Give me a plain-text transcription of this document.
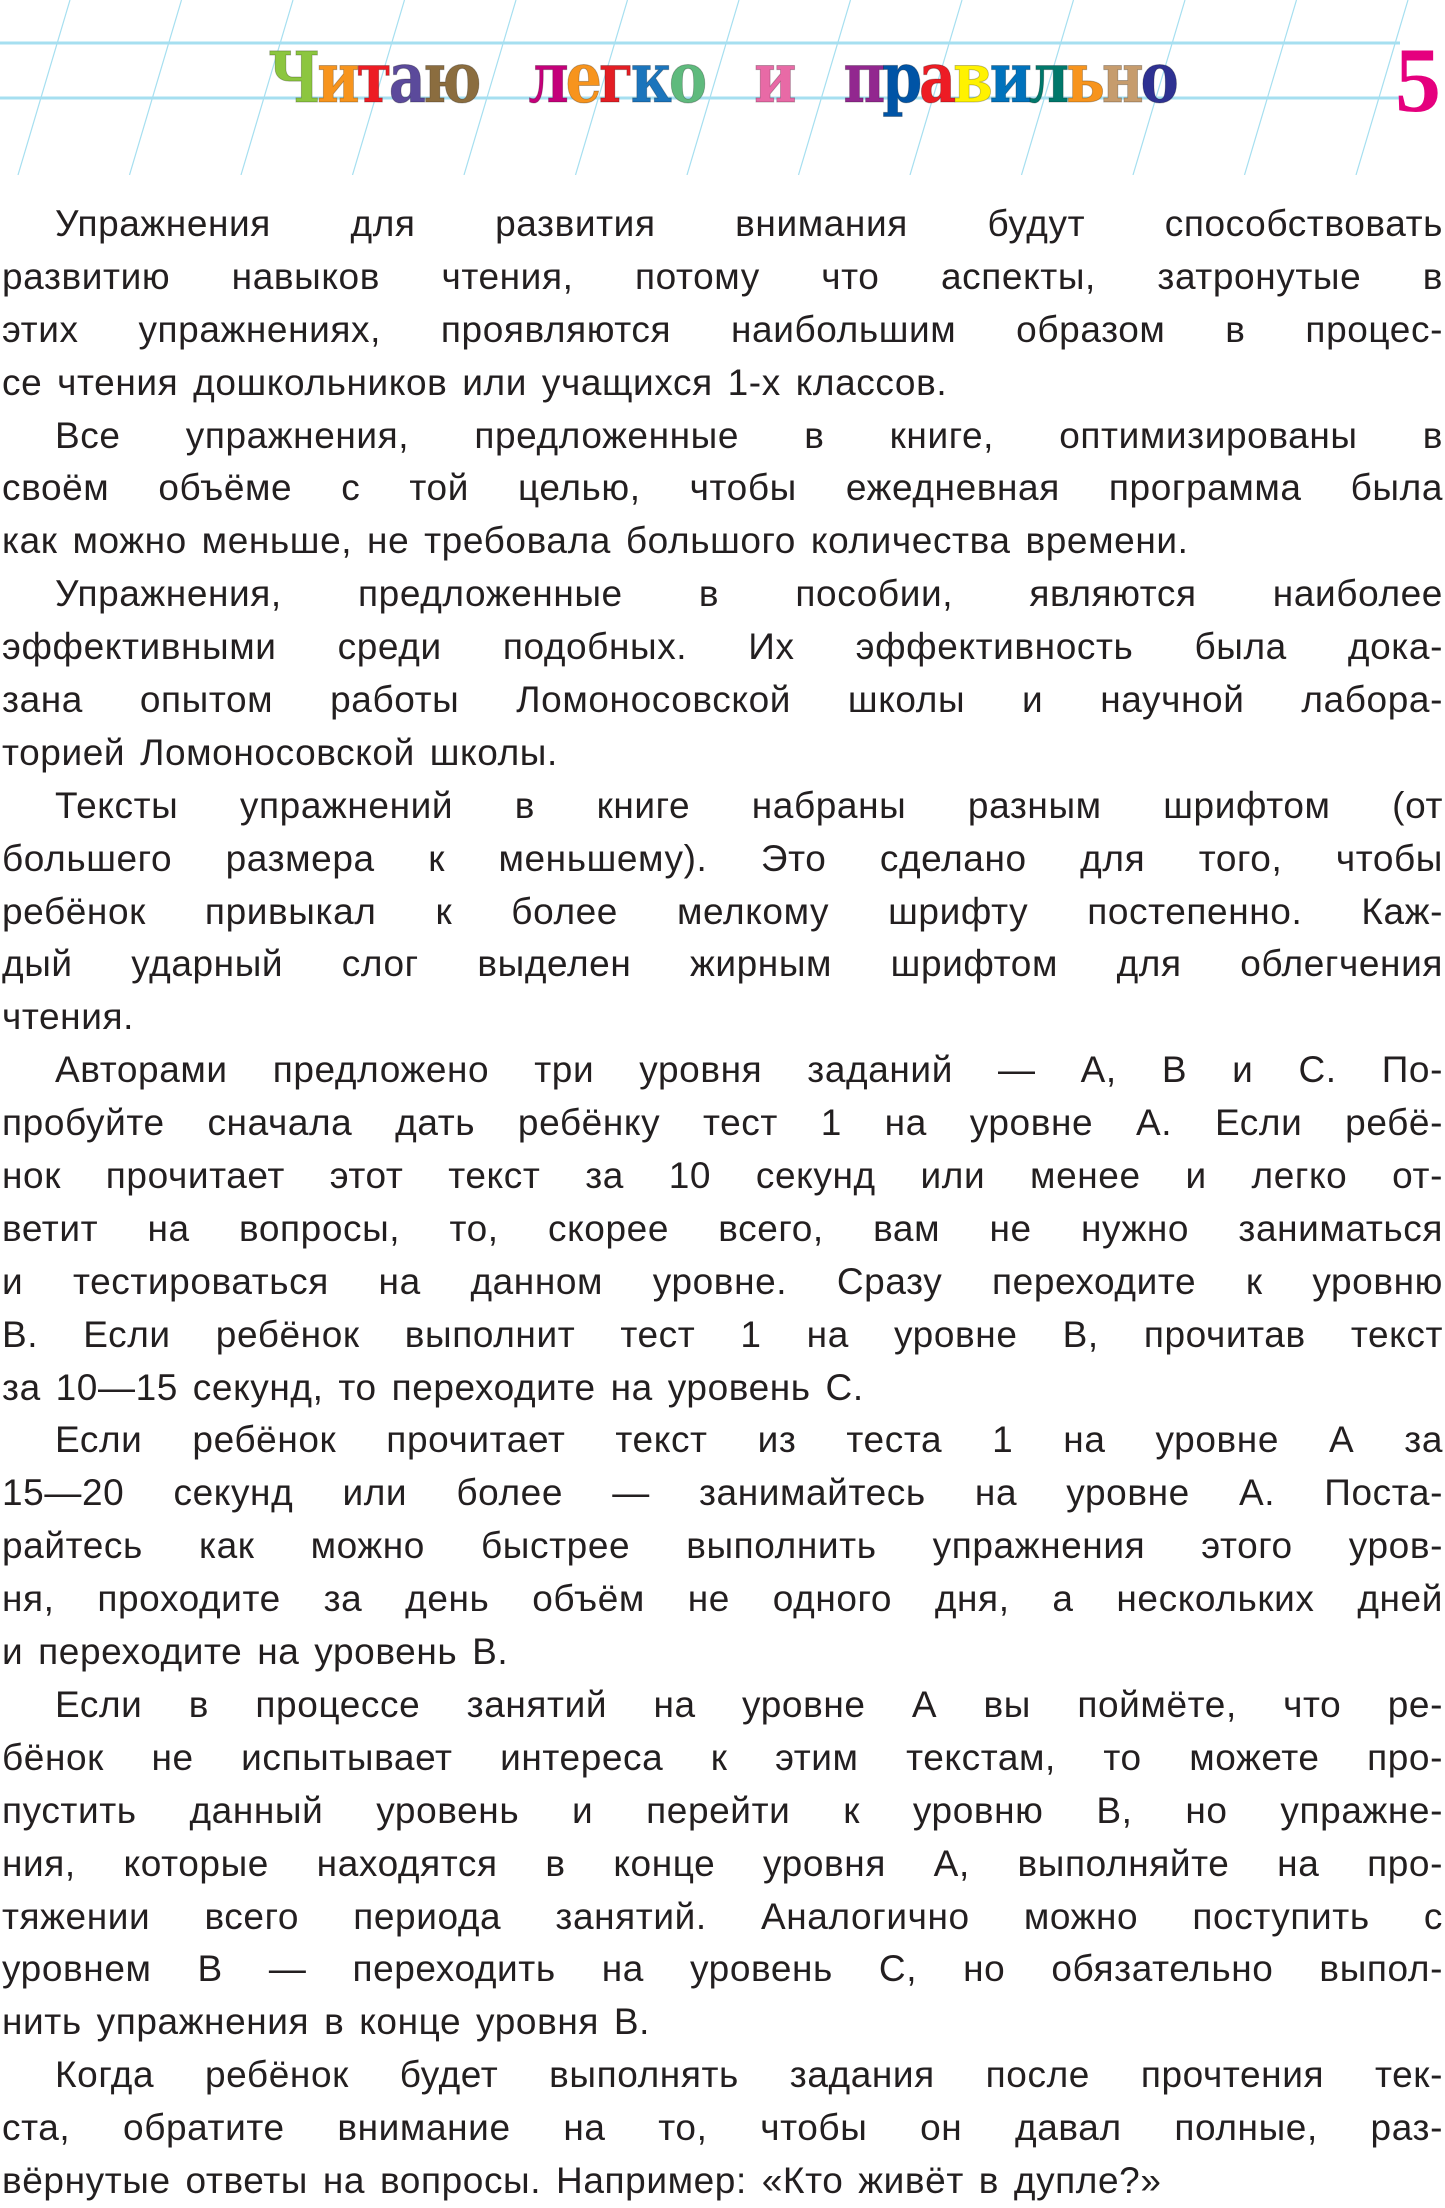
Читаю легко и правильно 5
Упражнения для развития внимания будут способствовать
развитию навыков чтения, потому что аспекты, затронутые в
этих упражнениях, проявляются наибольшим образом в процес-
се чтения дошкольников или учащихся 1-х классов.
Все упражнения, предложенные в книге, оптимизированы в
своём объёме с той целью, чтобы ежедневная программа была
как можно меньше, не требовала большого количества времени.
Упражнения, предложенные в пособии, являются наиболее
эффективными среди подобных. Их эффективность была дока-
зана опытом работы Ломоносовской школы и научной лабора-
торией Ломоносовской школы.
Тексты упражнений в книге набраны разным шрифтом (от
большего размера к меньшему). Это сделано для того, чтобы
ребёнок привыкал к более мелкому шрифту постепенно. Каж-
дый ударный слог выделен жирным шрифтом для облегчения
чтения.
Авторами предложено три уровня заданий — А, В и С. По-
пробуйте сначала дать ребёнку тест 1 на уровне А. Если ребё-
нок прочитает этот текст за 10 секунд или менее и легко от-
ветит на вопросы, то, скорее всего, вам не нужно заниматься
и тестироваться на данном уровне. Сразу переходите к уровню
В. Если ребёнок выполнит тест 1 на уровне В, прочитав текст
за 10—15 секунд, то переходите на уровень С.
Если ребёнок прочитает текст из теста 1 на уровне А за
15—20 секунд или более — занимайтесь на уровне А. Поста-
райтесь как можно быстрее выполнить упражнения этого уров-
ня, проходите за день объём не одного дня, а нескольких дней
и переходите на уровень В.
Если в процессе занятий на уровне А вы поймёте, что ре-
бёнок не испытывает интереса к этим текстам, то можете про-
пустить данный уровень и перейти к уровню В, но упражне-
ния, которые находятся в конце уровня А, выполняйте на про-
тяжении всего периода занятий. Аналогично можно поступить с
уровнем В — переходить на уровень С, но обязательно выпол-
нить упражнения в конце уровня В.
Когда ребёнок будет выполнять задания после прочтения тек-
ста, обратите внимание на то, чтобы он давал полные, раз-
вёрнутые ответы на вопросы. Например: «Кто живёт в дупле?»
